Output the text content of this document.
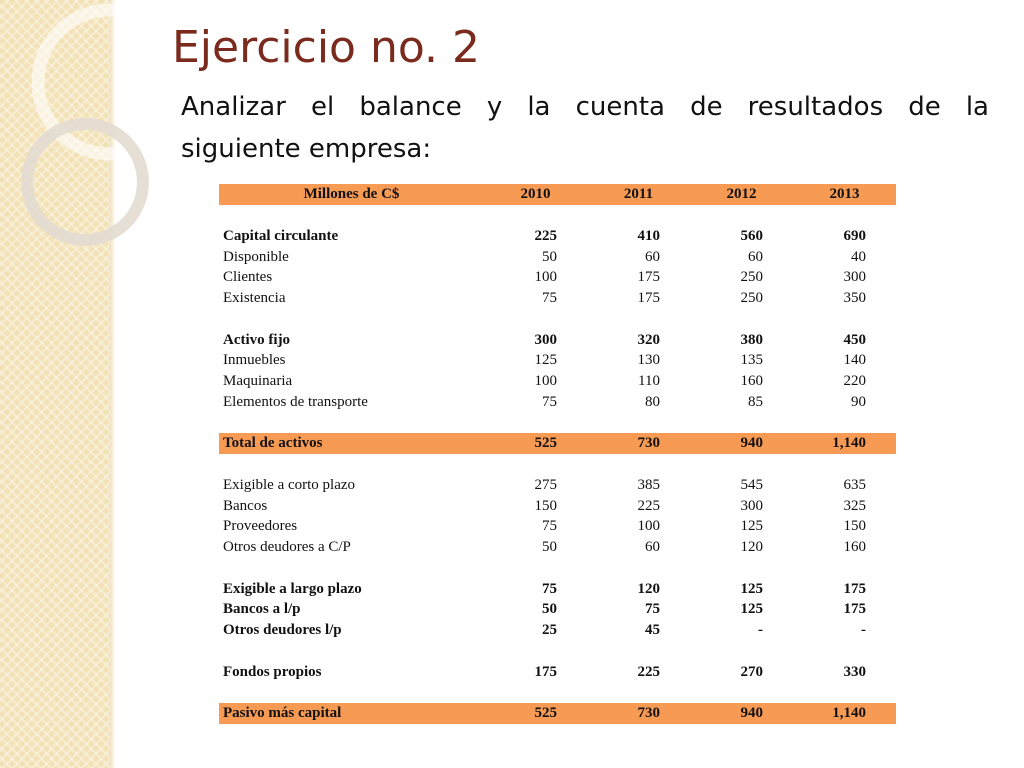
Ejercicio no. 2
Analizar el balance y la cuenta de resultados de la
siguiente empresa:
Millones de C$	2010	2011	2012	2013

Capital circulante	225	410	560	690
Disponible	50	60	60	40
Clientes	100	175	250	300
Existencia	75	175	250	350

Activo fijo	300	320	380	450
Inmuebles	125	130	135	140
Maquinaria	100	110	160	220
Elementos de transporte	75	80	85	90

Total de activos	525	730	940	1,140

Exigible a corto plazo	275	385	545	635
Bancos	150	225	300	325
Proveedores	75	100	125	150
Otros deudores a C/P	50	60	120	160

Exigible a largo plazo	75	120	125	175
Bancos a l/p	50	75	125	175
Otros deudores l/p	25	45	-	-

Fondos propios	175	225	270	330

Pasivo más capital	525	730	940	1,140
